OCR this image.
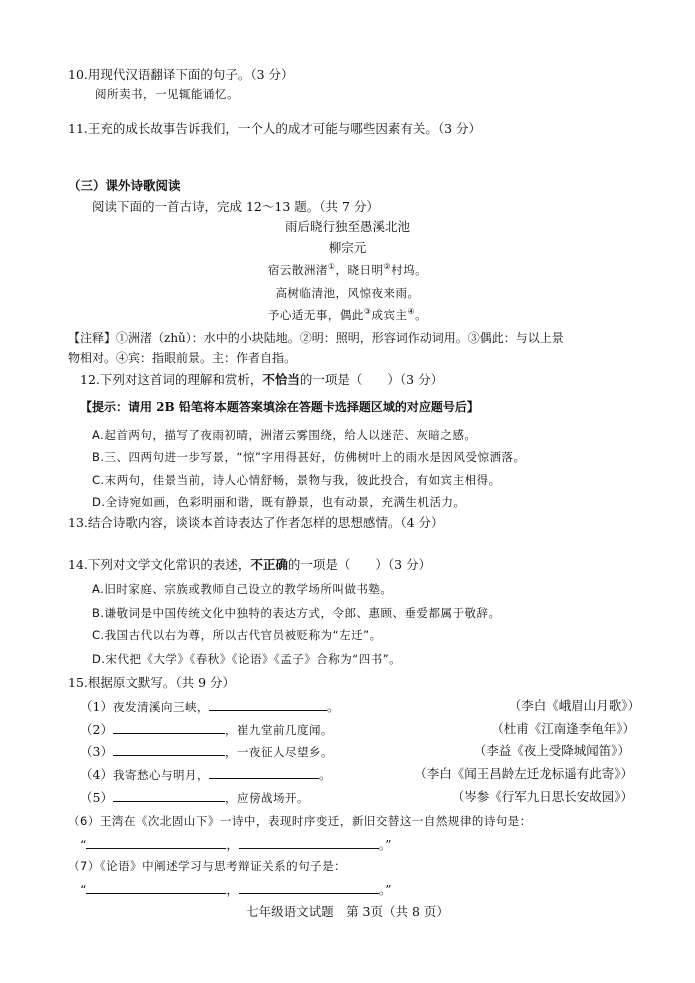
10.用现代汉语翻译下面的句子。（3 分）
阅所卖书，一见辄能诵忆。
11.王充的成长故事告诉我们，一个人的成才可能与哪些因素有关。（3 分）
（三）课外诗歌阅读
阅读下面的一首古诗，完成 12～13 题。（共 7 分）
雨后晓行独至愚溪北池
柳宗元
宿云散洲渚①，晓日明②村坞。
高树临清池，风惊夜来雨。
予心适无事，偶此③成宾主④。
【注释】①洲渚（zhǔ）：水中的小块陆地。②明：照明，形容词作动词用。③偶此：与以上景
物相对。④宾：指眼前景。主：作者自指。
12.下列对这首词的理解和赏析，不恰当的一项是（　　）（3 分）
【提示：请用 2B 铅笔将本题答案填涂在答题卡选择题区域的对应题号后】
A.起首两句，描写了夜雨初晴，洲渚云雾围绕，给人以迷茫、灰暗之感。
B.三、四两句进一步写景，“惊”字用得甚好，仿佛树叶上的雨水是因风受惊洒落。
C.末两句，佳景当前，诗人心情舒畅，景物与我，彼此投合，有如宾主相得。
D.全诗宛如画，色彩明丽和谐，既有静景，也有动景，充满生机活力。
13.结合诗歌内容，谈谈本首诗表达了作者怎样的思想感情。（4 分）
14.下列对文学文化常识的表述，不正确的一项是（　　）（3 分）
A.旧时家庭、宗族或教师自己设立的教学场所叫做书塾。
B.谦敬词是中国传统文化中独特的表达方式，令郎、惠顾、垂爱都属于敬辞。
C.我国古代以右为尊，所以古代官员被贬称为“左迁”。
D.宋代把《大学》《春秋》《论语》《孟子》合称为“四书”。
15.根据原文默写。（共 9 分）
（1）夜发清溪向三峡，	。	（李白《峨眉山月歌》）
（2）	，崔九堂前几度闻。	（杜甫《江南逢李龟年》）
（3）	，一夜征人尽望乡。	（李益《夜上受降城闻笛》）
（4）我寄愁心与明月，	。	（李白《闻王昌龄左迁龙标遥有此寄》）
（5）	，应傍战场开。	（岑参《行军九日思长安故园》）
（6）王湾在《次北固山下》一诗中，表现时序变迁，新旧交替这一自然规律的诗句是：
“	，	。”
（7）《论语》中阐述学习与思考辩证关系的句子是：
“	，	。”
七年级语文试题　第 3页（共 8 页）
